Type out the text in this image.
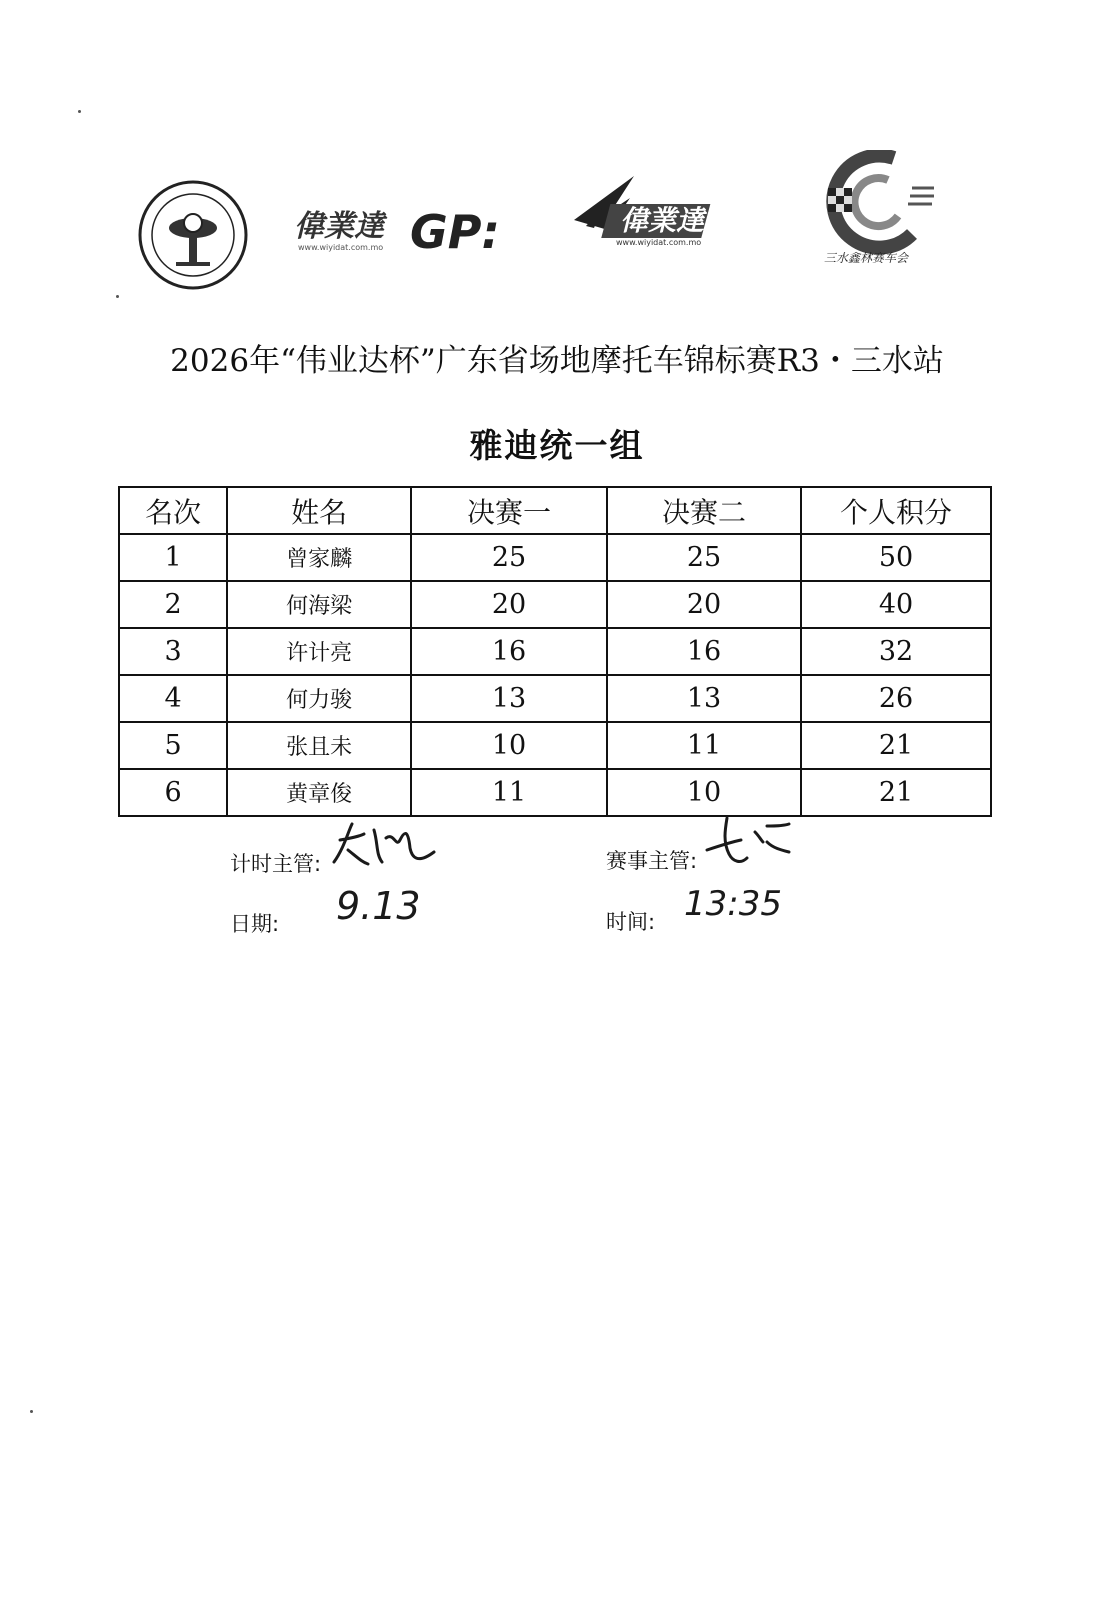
偉業達
www.wiyidat.com.mo GP:	偉業達
www.wiyidat.com.mo
三水鑫林赛车会
2026年“伟业达杯”广东省场地摩托车锦标赛R3・三水站
雅迪统一组
名次	姓名	决赛一	决赛二	个人积分
1	曾家麟	25	25	50
2	何海梁	20	20	40
3	许计亮	16	16	32
4	何力骏	13	13	26
5	张且未	10	11	21
6	黄章俊	11	10	21
计时主管:	赛事主管:
日期: 9.13	时间: 13:35
